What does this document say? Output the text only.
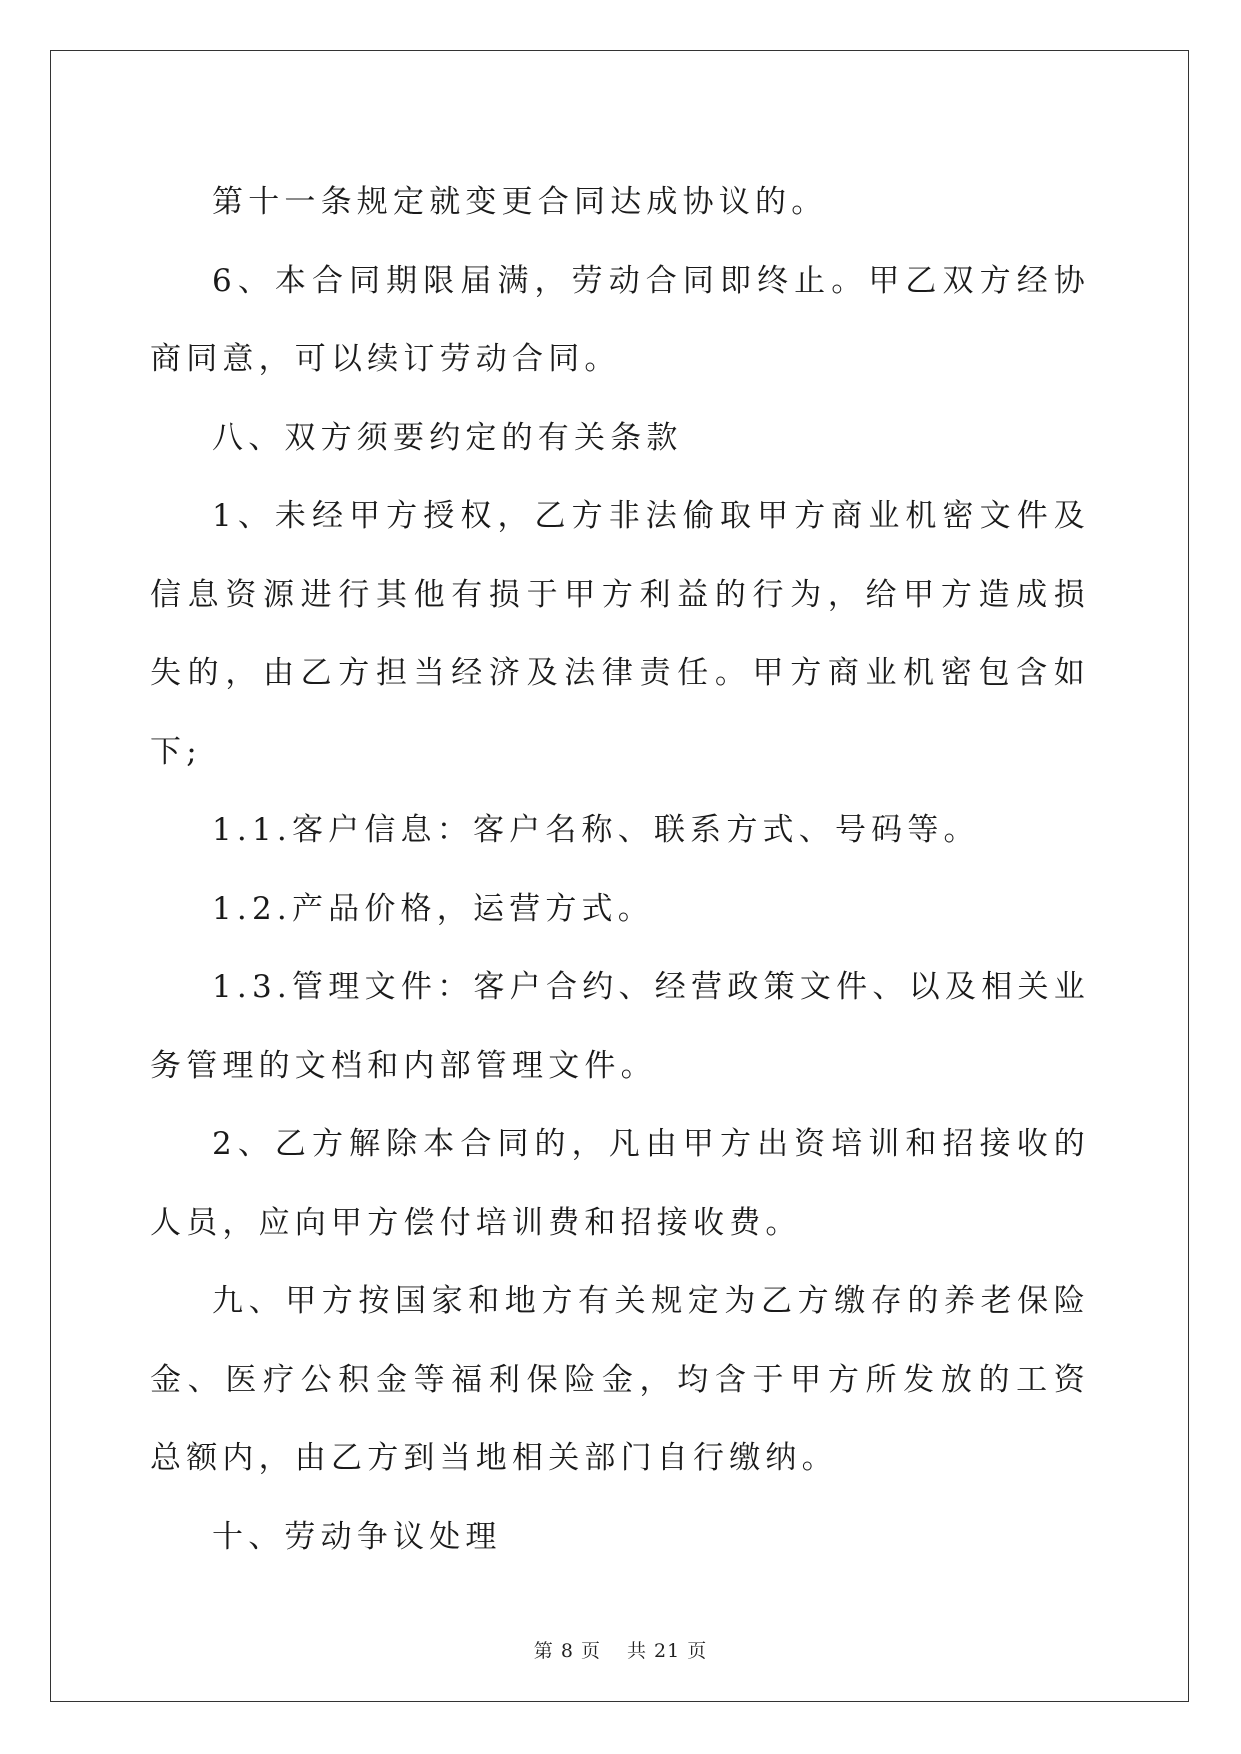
第十一条规定就变更合同达成协议的。

6、本合同期限届满，劳动合同即终止。甲乙双方经协商同意，可以续订劳动合同。

八、双方须要约定的有关条款

1、未经甲方授权，乙方非法偷取甲方商业机密文件及信息资源进行其他有损于甲方利益的行为，给甲方造成损失的，由乙方担当经济及法律责任。甲方商业机密包含如下;

1.1.客户信息：客户名称、联系方式、号码等。

1.2.产品价格，运营方式。

1.3.管理文件：客户合约、经营政策文件、以及相关业务管理的文档和内部管理文件。

2、乙方解除本合同的，凡由甲方出资培训和招接收的人员，应向甲方偿付培训费和招接收费。

九、甲方按国家和地方有关规定为乙方缴存的养老保险金、医疗公积金等福利保险金，均含于甲方所发放的工资总额内，由乙方到当地相关部门自行缴纳。

十、劳动争议处理

第 8 页 共 21 页
